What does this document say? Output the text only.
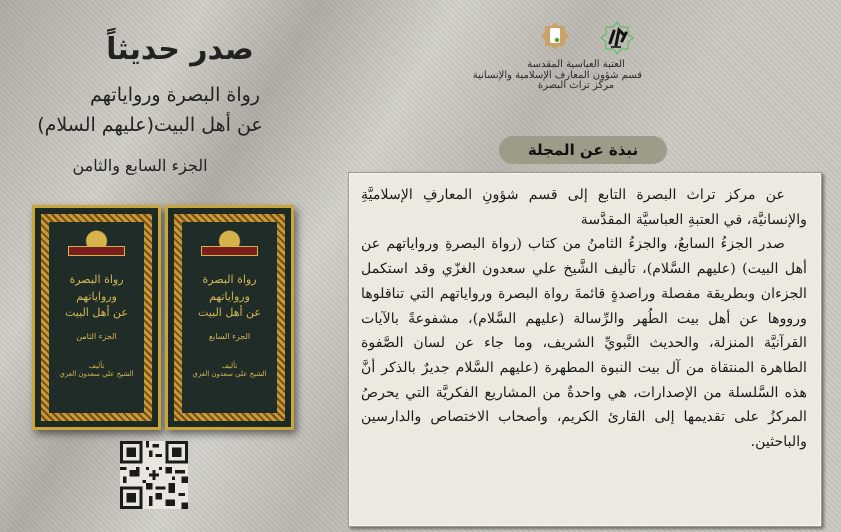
صدر حديثاً
رواة البصرة ورواياتهم
عن أهل البيت(عليهم السلام)
الجزء السابع والثامن
رواة البصرة ورواياتهم
عن أهل البيت
الجزء الثامن
تأليف
الشيخ علي سعدون الغزي
رواة البصرة ورواياتهم
عن أهل البيت
الجزء السابع
تأليف
الشيخ علي سعدون الغزي
العتبة العباسية المقدسة
قسم شؤون المعارف الإسلامية والإنسانية
مركز تراث البصرة
نبذة عن المجلة

عن مركز تراث البصرة التابع إلى قسم شؤونِ المعارفِ الإسلاميَّةِ والإنسانيَّة، في العتبةِ العباسيَّة المقدَّسة

صدر الجزءُ السابعُ، والجزءُ الثامنُ من كتاب (رواة البصرةِ ورواياتهم عن أهل البيت) (عليهم السَّلام)، تأليف الشَّيخ علي سعدون الغزّي وقد استكمل الجزءان وبطريقة مفصلة وراصدةٍ قائمةَ رواة البصرة ورواياتهم التي تناقلوها ورووها عن أهل بيت الطُهر والرِّسالة (عليهم السَّلام)، مشفوعةً بالآيات القرآنيَّة المنزلة، والحديث النَّبويِّ الشريف، وما جاء عن لسان الصَّفوة الطاهرة المنتقاة من آل بيت النبوة المطهرة (عليهم السَّلام جديرٌ بالذكر أنَّ هذه السَّلسلة من الإصدارات، هي واحدةٌ من المشاريع الفكريَّة التي يحرصُ المركزُ على تقديمها إلى القارئ الكريم، وأصحاب الاختصاص والدارسين والباحثين.
